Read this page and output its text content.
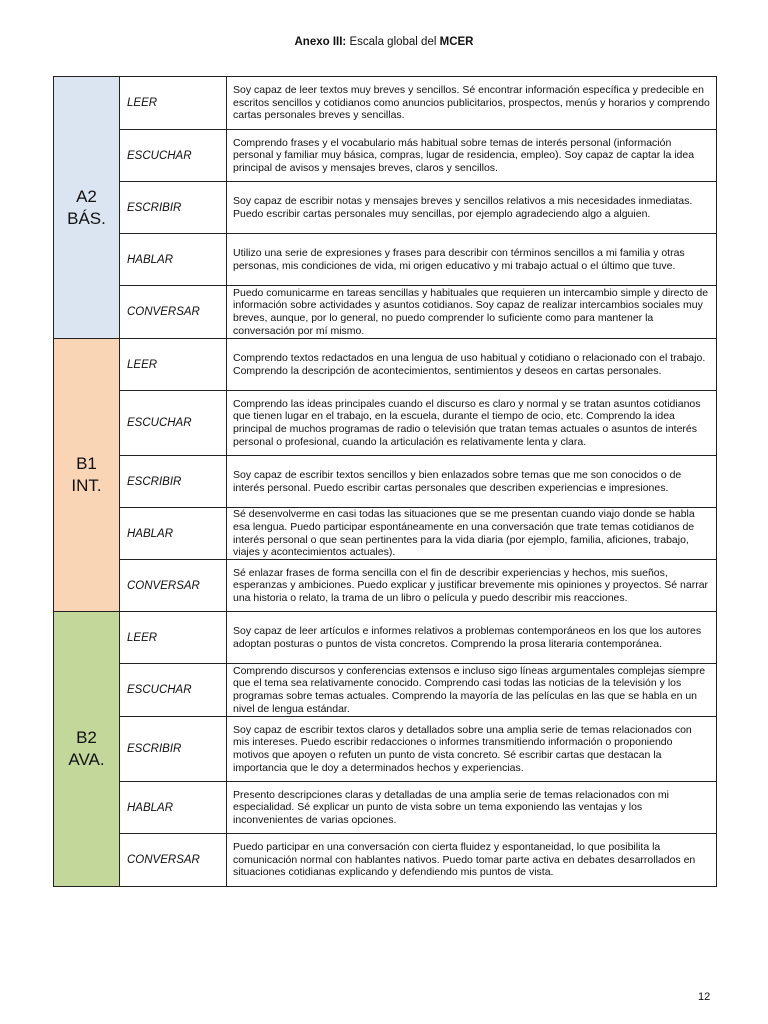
Anexo III: Escala global del MCER
A2
BÁS.	LEER	Soy capaz de leer textos muy breves y sencillos. Sé encontrar información específica y predecible en escritos sencillos y cotidianos como anuncios publicitarios, prospectos, menús y horarios y comprendo cartas personales breves y sencillas.
	ESCUCHAR	Comprendo frases y el vocabulario más habitual sobre temas de interés personal (información personal y familiar muy básica, compras, lugar de residencia, empleo). Soy capaz de captar la idea principal de avisos y mensajes breves, claros y sencillos.
	ESCRIBIR	Soy capaz de escribir notas y mensajes breves y sencillos relativos a mis necesidades inmediatas. Puedo escribir cartas personales muy sencillas, por ejemplo agradeciendo algo a alguien.
	HABLAR	Utilizo una serie de expresiones y frases para describir con términos sencillos a mi familia y otras personas, mis condiciones de vida, mi origen educativo y mi trabajo actual o el último que tuve.
	CONVERSAR	Puedo comunicarme en tareas sencillas y habituales que requieren un intercambio simple y directo de información sobre actividades y asuntos cotidianos. Soy capaz de realizar intercambios sociales muy breves, aunque, por lo general, no puedo comprender lo suficiente como para mantener la conversación por mí mismo.

B1
INT.	LEER	Comprendo textos redactados en una lengua de uso habitual y cotidiano o relacionado con el trabajo. Comprendo la descripción de acontecimientos, sentimientos y deseos en cartas personales.
	ESCUCHAR	Comprendo las ideas principales cuando el discurso es claro y normal y se tratan asuntos cotidianos que tienen lugar en el trabajo, en la escuela, durante el tiempo de ocio, etc. Comprendo la idea principal de muchos programas de radio o televisión que tratan temas actuales o asuntos de interés personal o profesional, cuando la articulación es relativamente lenta y clara.
	ESCRIBIR	Soy capaz de escribir textos sencillos y bien enlazados sobre temas que me son conocidos o de interés personal. Puedo escribir cartas personales que describen experiencias e impresiones.
	HABLAR	Sé desenvolverme en casi todas las situaciones que se me presentan cuando viajo donde se habla esa lengua. Puedo participar espontáneamente en una conversación que trate temas cotidianos de interés personal o que sean pertinentes para la vida diaria (por ejemplo, familia, aficiones, trabajo, viajes y acontecimientos actuales).
	CONVERSAR	Sé enlazar frases de forma sencilla con el fin de describir experiencias y hechos, mis sueños, esperanzas y ambiciones. Puedo explicar y justificar brevemente mis opiniones y proyectos. Sé narrar una historia o relato, la trama de un libro o película y puedo describir mis reacciones.

B2
AVA.	LEER	Soy capaz de leer artículos e informes relativos a problemas contemporáneos en los que los autores adoptan posturas o puntos de vista concretos. Comprendo la prosa literaria contemporánea.
	ESCUCHAR	Comprendo discursos y conferencias extensos e incluso sigo líneas argumentales complejas siempre que el tema sea relativamente conocido. Comprendo casi todas las noticias de la televisión y los programas sobre temas actuales. Comprendo la mayoría de las películas en las que se habla en un nivel de lengua estándar.
	ESCRIBIR	Soy capaz de escribir textos claros y detallados sobre una amplia serie de temas relacionados con mis intereses. Puedo escribir redacciones o informes transmitiendo información o proponiendo motivos que apoyen o refuten un punto de vista concreto. Sé escribir cartas que destacan la importancia que le doy a determinados hechos y experiencias.
	HABLAR	Presento descripciones claras y detalladas de una amplia serie de temas relacionados con mi especialidad. Sé explicar un punto de vista sobre un tema exponiendo las ventajas y los inconvenientes de varias opciones.
	CONVERSAR	Puedo participar en una conversación con cierta fluidez y espontaneidad, lo que posibilita la comunicación normal con hablantes nativos. Puedo tomar parte activa en debates desarrollados en situaciones cotidianas explicando y defendiendo mis puntos de vista.
12
